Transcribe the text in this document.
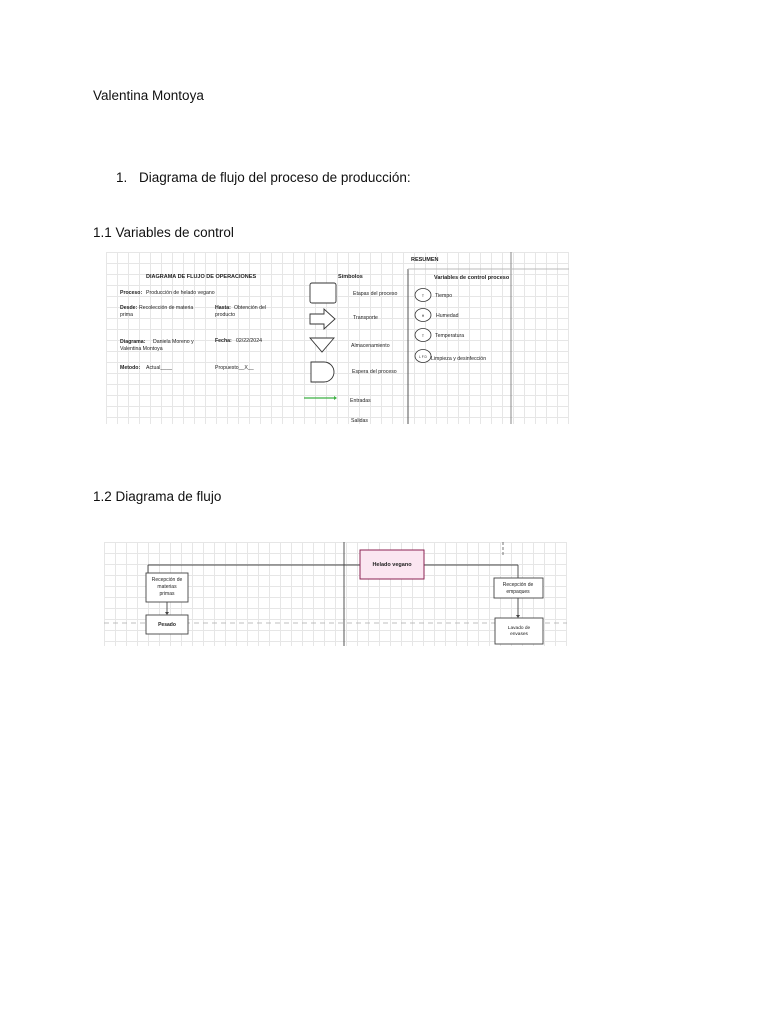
Valentina Montoya
1. Diagrama de flujo del proceso de producción:
1.1 Variables de control
1.2 Diagrama de flujo
RESUMEN
DIAGRAMA DE FLUJO DE OPERACIONES	Símbolos	Variables de control proceso
Proceso: Producción de helado vegano
Desde: Recolección de materia
prima
Hasta: Obtención del
producto
Diagrama: Daniela Moreno y
Valentina Montoya
Fecha: 02/22/2024
Metodo: Actual____	Propuesto__X__
Etapas del proceso
Transporte
Almacenamiento
Espera del proceso
Entradas
Salidas
T Tiempo
H Humedad
T Temperatura
L F D Limpieza y desinfección
Helado vegano
Recepción de
materias
primas
Pesado
Recepción de
empaques
Lavado de
envases
